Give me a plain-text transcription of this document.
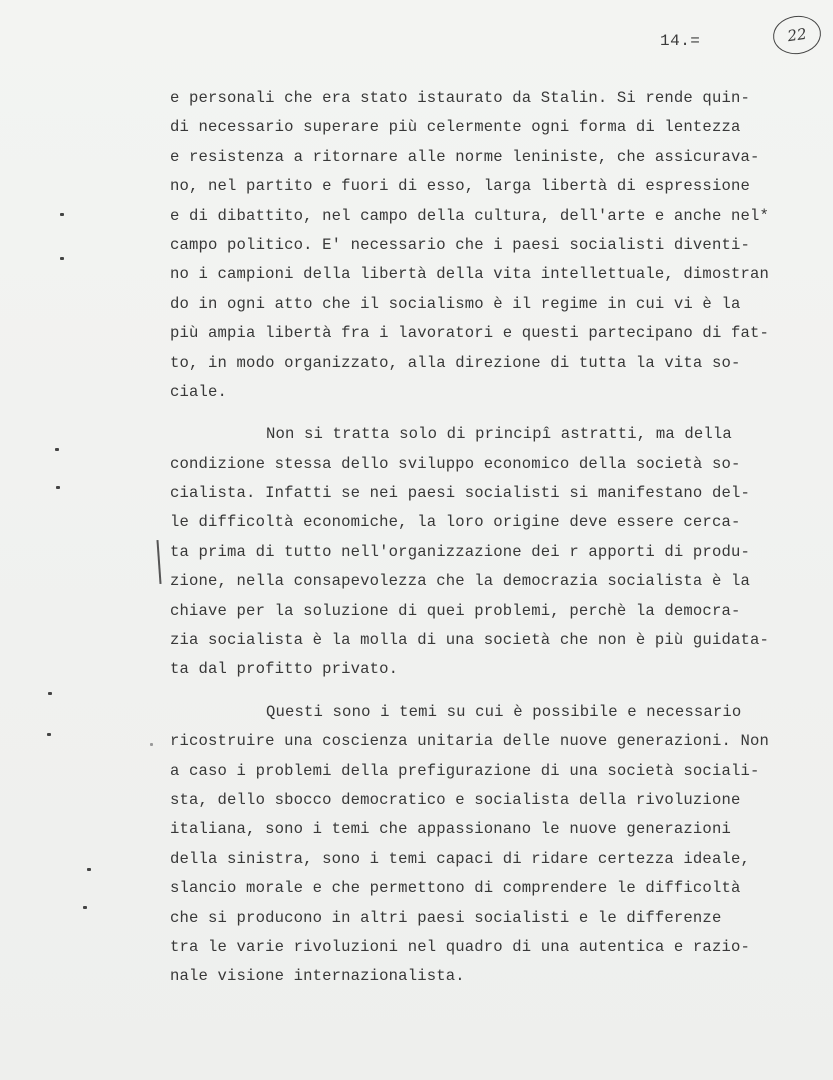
14.=	22
e personali che era stato istaurato da Stalin. Si rende quin-
di necessario superare più celermente ogni forma di lentezza
e resistenza a ritornare alle norme leniniste, che assicurava-
no, nel partito e fuori di esso, larga libertà di espressione
e di dibattito, nel campo della cultura, dell'arte e anche nel*
campo politico. E' necessario che i paesi socialisti diventi-
no i campioni della libertà della vita intellettuale, dimostran
do in ogni atto che il socialismo è il regime in cui vi è la
più ampia libertà fra i lavoratori e questi partecipano di fat-
to, in modo organizzato, alla direzione di tutta la vita so-
ciale.
Non si tratta solo di principî astratti, ma della
condizione stessa dello sviluppo economico della società so-
cialista. Infatti se nei paesi socialisti si manifestano del-
le difficoltà economiche, la loro origine deve essere cerca-
ta prima di tutto nell'organizzazione dei r apporti di produ-
zione, nella consapevolezza che la democrazia socialista è la
chiave per la soluzione di quei problemi, perchè la democra-
zia socialista è la molla di una società che non è più guidata-
ta dal profitto privato.
Questi sono i temi su cui è possibile e necessario
ricostruire una coscienza unitaria delle nuove generazioni. Non
a caso i problemi della prefigurazione di una società sociali-
sta, dello sbocco democratico e socialista della rivoluzione
italiana, sono i temi che appassionano le nuove generazioni
della sinistra, sono i temi capaci di ridare certezza ideale,
slancio morale e che permettono di comprendere le difficoltà
che si producono in altri paesi socialisti e le differenze
tra le varie rivoluzioni nel quadro di una autentica e razio-
nale visione internazionalista.
